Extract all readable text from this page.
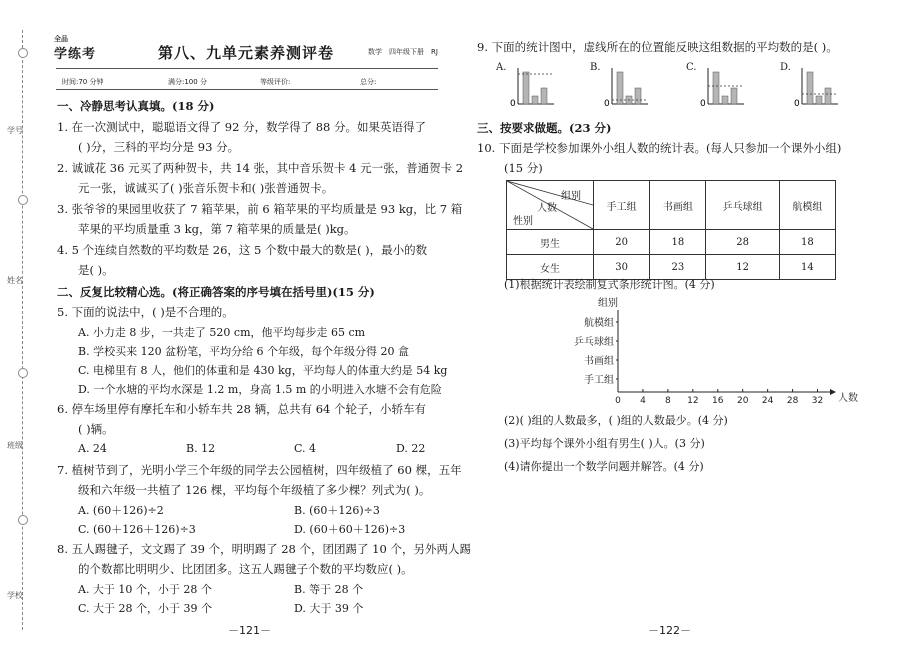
学号
姓名
班级
学校
全品
学练考	第八、九单元素养测评卷	数学 四年级下册 RJ
时间:70 分钟	满分:100 分	等级评价:	总分:
一、冷静思考认真填。(18 分)
1. 在一次测试中，聪聪语文得了 92 分，数学得了 88 分。如果英语得了
( )分，三科的平均分是 93 分。
2. 诚诚花 36 元买了两种贺卡，共 14 张，其中音乐贺卡 4 元一张，普通贺卡 2
元一张，诚诚买了( )张音乐贺卡和( )张普通贺卡。
3. 张爷爷的果园里收获了 7 箱苹果，前 6 箱苹果的平均质量是 93 kg，比 7 箱
苹果的平均质量重 3 kg，第 7 箱苹果的质量是( )kg。
4. 5 个连续自然数的平均数是 26，这 5 个数中最大的数是( )，最小的数
是( )。
二、反复比较精心选。(将正确答案的序号填在括号里)(15 分)
5. 下面的说法中，( )是不合理的。
A. 小力走 8 步，一共走了 520 cm，他平均每步走 65 cm
B. 学校买来 120 盆粉笔，平均分给 6 个年级，每个年级分得 20 盒
C. 电梯里有 8 人，他们的体重和是 430 kg，平均每人的体重大约是 54 kg
D. 一个水塘的平均水深是 1.2 m，身高 1.5 m 的小明进入水塘不会有危险
6. 停车场里停有摩托车和小轿车共 28 辆，总共有 64 个轮子，小轿车有
( )辆。
A. 24	B. 12	C. 4	D. 22
7. 植树节到了，光明小学三个年级的同学去公园植树，四年级植了 60 棵，五年
级和六年级一共植了 126 棵，平均每个年级植了多少棵？列式为( )。
A. (60＋126)÷2	B. (60＋126)÷3
C. (60＋126＋126)÷3	D. (60＋60＋126)÷3
8. 五人踢毽子，文文踢了 39 个，明明踢了 28 个，团团踢了 10 个，另外两人踢
的个数都比明明少、比团团多。这五人踢毽子个数的平均数应( )。
A. 大于 10 个，小于 28 个	B. 等于 28 个
C. 大于 28 个，小于 39 个	D. 大于 39 个
－121－
9. 下面的统计图中，虚线所在的位置能反映这组数据的平均数的是( )。
A.
0
B.
0
C.
0
D.
0
三、按要求做题。(23 分)
10. 下面是学校参加课外小组人数的统计表。(每人只参加一个课外小组)
(15 分)
组别
人数
性别	手工组	书画组	乒乓球组	航模组
男生	20	18	28	18
女生	30	23	12	14
(1)根据统计表绘制复式条形统计图。(4 分)
组别
航模组
乒乓球组
书画组
手工组
0 4 8 12 16 20 24 28 32 人数
(2)( )组的人数最多，( )组的人数最少。(4 分)
(3)平均每个课外小组有男生( )人。(3 分)
(4)请你提出一个数学问题并解答。(4 分)
－122－
